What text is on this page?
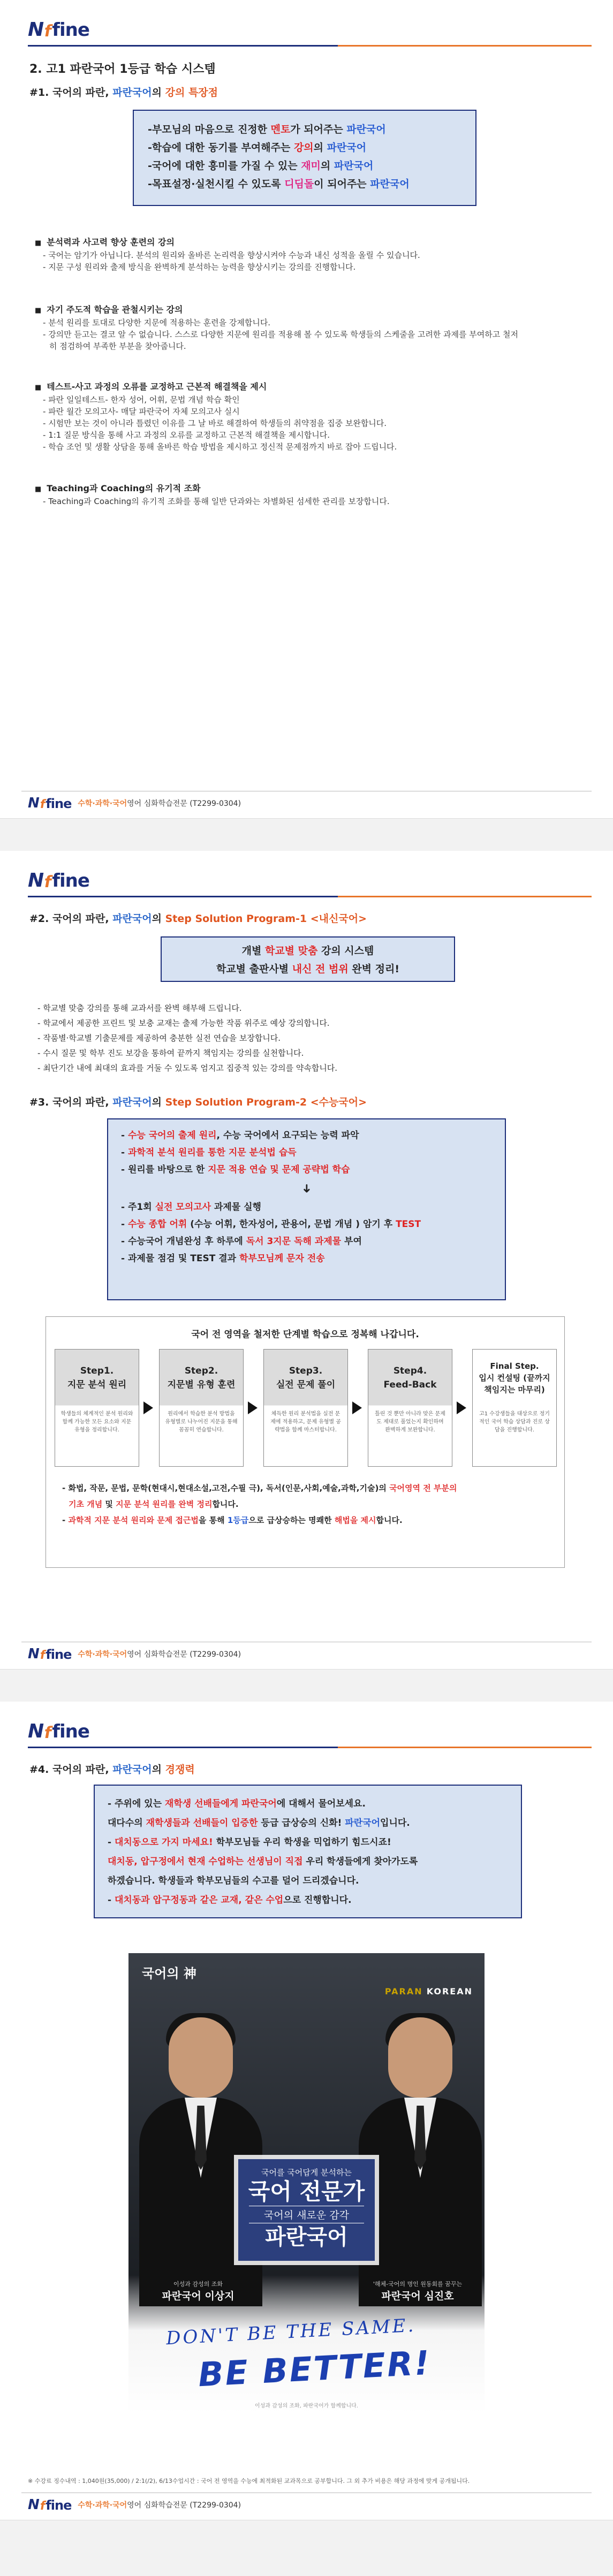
N
f
fine
2. 고1 파란국어 1등급 학습 시스템
#1. 국어의 파란, 파란국어의 강의 특장점

-부모님의 마음으로 진정한 멘토가 되어주는 파란국어

-학습에 대한 동기를 부여해주는 강의의 파란국어

-국어에 대한 흥미를 가질 수 있는 재미의 파란국어

-목표설정·실천시킬 수 있도록 디딤돌이 되어주는 파란국어

■ 분석력과 사고력 향상 훈련의 강의
- 국어는 암기가 아닙니다. 분석의 원리와 올바른 논리력을 향상시켜야 수능과 내신 성적을 올릴 수 있습니다.
- 지문 구성 원리와 출제 방식을 완벽하게 분석하는 능력을 향상시키는 강의를 진행합니다.
■ 자기 주도적 학습을 관철시키는 강의
- 분석 원리를 토대로 다양한 지문에 적용하는 훈련을 강제합니다.
- 강의만 듣고는 결코 알 수 없습니다. 스스로 다양한 지문에 원리를 적용해 볼 수 있도록 학생들의 스케줄을 고려한 과제를 부여하고 철저히 점검하여 부족한 부분을 찾아줍니다.
■ 테스트-사고 과정의 오류를 교정하고 근본적 해결책을 제시
- 파란 일일테스트- 한자 성어, 어휘, 문법 개념 학습 확인
- 파란 월간 모의고사- 매달 파란국어 자체 모의고사 실시
- 시험만 보는 것이 아니라 틀렸던 이유를 그 날 바로 해결하여 학생들의 취약점을 집중 보완합니다.
- 1:1 질문 방식을 통해 사고 과정의 오류를 교정하고 근본적 해결책을 제시합니다.
- 학습 조언 및 생활 상담을 통해 올바른 학습 방법을 제시하고 정신적 문제점까지 바로 잡아 드립니다.
■ Teaching과 Coaching의 유기적 조화
- Teaching과 Coaching의 유기적 조화를 통해 일반 단과와는 차별화된 섬세한 관리를 보장합니다.
N f fine 수학·과학·국어영어 심화학습전문 (T2299-0304)
N
f
fine
#2. 국어의 파란, 파란국어의 Step Solution Program-1 <내신국어>

개별 학교별 맞춤 강의 시스템

학교별 출판사별 내신 전 범위 완벽 정리!

- 학교별 맞춤 강의를 통해 교과서를 완벽 해부해 드립니다.
- 학교에서 제공한 프린트 및 보충 교재는 출제 가능한 작품 위주로 예상 강의합니다.
- 작품별·학교별 기출문제를 제공하여 충분한 실전 연습을 보장합니다.
- 수시 질문 및 학부 진도 보강을 통하여 끝까지 책임지는 강의를 실천합니다.
- 최단기간 내에 최대의 효과를 거둘 수 있도록 엄지고 집중적 있는 강의를 약속합니다.
#3. 국어의 파란, 파란국어의 Step Solution Program-2 <수능국어>

- 수능 국어의 출제 원리, 수능 국어에서 요구되는 능력 파악

- 과학적 분석 원리를 통한 지문 분석법 습득

- 원리를 바탕으로 한 지문 적용 연습 및 문제 공략법 학습

➜

- 주1회 실전 모의고사 과제물 실행

- 수능 종합 어휘 (수능 어휘, 한자성어, 관용어, 문법 개념 ) 암기 후 TEST

- 수능국어 개념완성 후 하루에 독서 3지문 독해 과제물 부여

- 과제물 점검 및 TEST 결과 학부모님께 문자 전송

국어 전 영역을 철저한 단계별 학습으로 정복해 나갑니다.
Step1.
지문 분석 원리
학생들의 체계적인 분석 원리와 함께 가능한 모든 요소와 지문 유형을 정리합니다.
Step2.
지문별 유형 훈련
원리에서 학습한 분석 방법을 유형별로 나누어진 지문을 통해 꼼꼼히 연습합니다.
Step3.
실전 문제 풀이
체득한 원리 분석법을 실전 문제에 적용하고, 문제 유형별 공략법을 함께 마스터합니다.
Step4.
Feed-Back
틀린 것 뿐만 아니라 맞은 문제도 제대로 풀었는지 확인하며 완벽하게 보완합니다.
Final Step.
입시 컨설팅 (끝까지 책임지는 마무리)
고1 수강생들을 대상으로 정기적인 국어 학습 상담과 진로 상담을 진행합니다.
- 화법, 작문, 문법, 문학(현대시,현대소설,고전,수필 극), 독서(인문,사회,예술,과학,기술)의 국어영역 전 부분의
기초 개념 및 지문 분석 원리를 완벽 정리합니다.
- 과학적 지문 분석 원리와 문제 접근법을 통해 1등급으로 급상승하는 명쾌한 해법을 제시합니다.
N f fine 수학·과학·국어영어 심화학습전문 (T2299-0304)
N
f
fine
#4. 국어의 파란, 파란국어의 경쟁력

- 주위에 있는 재학생 선배들에게 파란국어에 대해서 물어보세요.

대다수의 재학생들과 선배들이 입증한 등급 급상승의 신화! 파란국어입니다.

- 대치동으로 가지 마세요! 학부모님들 우리 학생을 믹업하기 힘드시죠!

대치동, 압구정에서 현재 수업하는 선생님이 직접 우리 학생들에게 찾아가도록

하겠습니다. 학생들과 학부모님들의 수고를 덜어 드리겠습니다.

- 대치동과 압구정동과 같은 교재, 같은 수업으로 진행합니다.

국어의 神
PARAN KOREAN
국어를 국어답게 분석하는
국어 전문가
국어의 새로운 감각
파란국어
이성과 감성의 조화
파란국어 이상지
'해체-국어의 명인 원동회를 꿈꾸는
파란국어 심진호
DON'T BE THE SAME.
BE BETTER!
이성과 감성의 조화, 파란국어가 함께합니다.
※ 수강료 징수내역 : 1,040원(35,000) / 2:1(/2), 6/13수업시간 : 국어 전 영역을 수능에 최적화된 교과목으로 공부합니다. 그 외 추가 비용은 해당 과정에 맞게 공개됩니다.
N f fine 수학·과학·국어영어 심화학습전문 (T2299-0304)
